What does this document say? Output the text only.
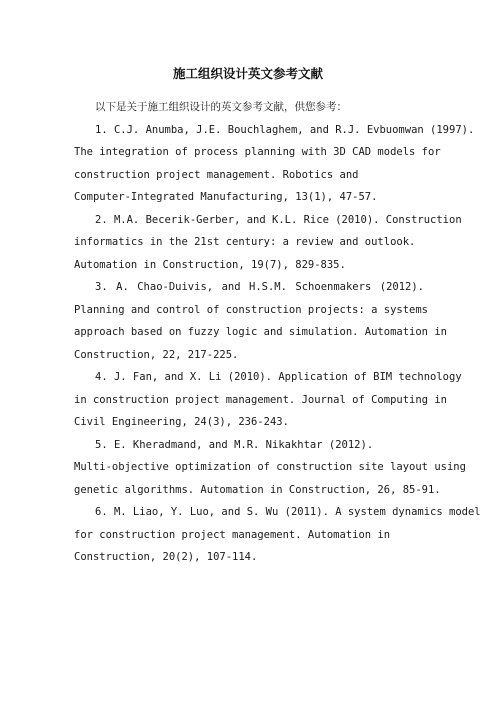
施工组织设计英文参考文献

以下是关于施工组织设计的英文参考文献，供您参考：

1. C.J. Anumba, J.E. Bouchlaghem, and R.J. Evbuomwan (1997).
The integration of process planning with 3D CAD models for
construction project management. Robotics and
Computer-Integrated Manufacturing, 13(1), 47-57.
2. M.A. Becerik-Gerber, and K.L. Rice (2010). Construction
informatics in the 21st century: a review and outlook.
Automation in Construction, 19(7), 829-835.
3. A. Chao-Duivis, and H.S.M. Schoenmakers (2012).
Planning and control of construction projects: a systems
approach based on fuzzy logic and simulation. Automation in
Construction, 22, 217-225.
4. J. Fan, and X. Li (2010). Application of BIM technology
in construction project management. Journal of Computing in
Civil Engineering, 24(3), 236-243.
5. E. Kheradmand, and M.R. Nikakhtar (2012).
Multi-objective optimization of construction site layout using
genetic algorithms. Automation in Construction, 26, 85-91.
6. M. Liao, Y. Luo, and S. Wu (2011). A system dynamics model
for construction project management. Automation in
Construction, 20(2), 107-114.
